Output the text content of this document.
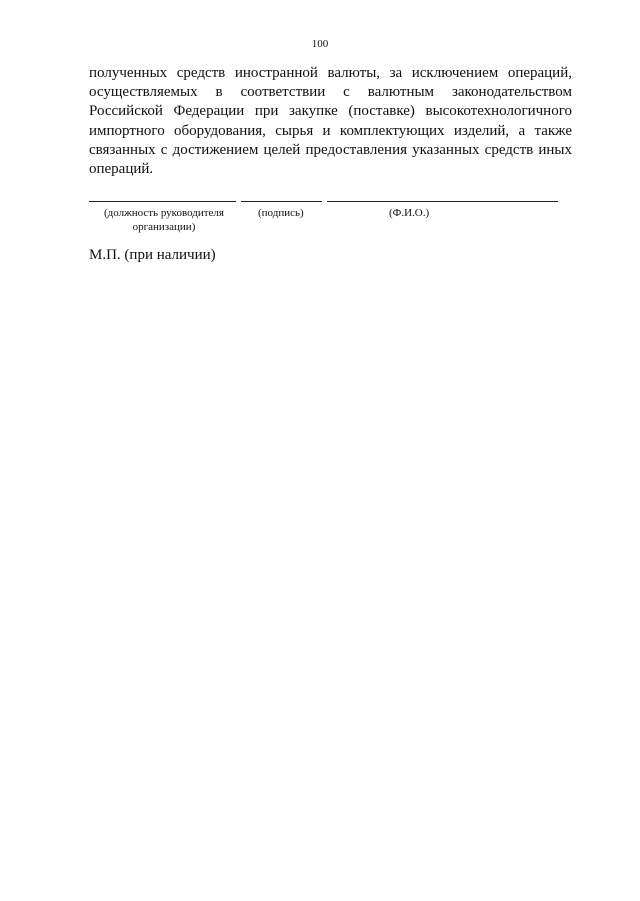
100
полученных средств иностранной валюты, за исключением операций,
осуществляемых в соответствии с валютным законодательством
Российской Федерации при закупке (поставке) высокотехнологичного
импортного оборудования, сырья и комплектующих изделий, а также
связанных с достижением целей предоставления указанных средств иных
операций.
(должность руководителя
организации)
(подпись)	(Ф.И.О.)
М.П. (при наличии)
